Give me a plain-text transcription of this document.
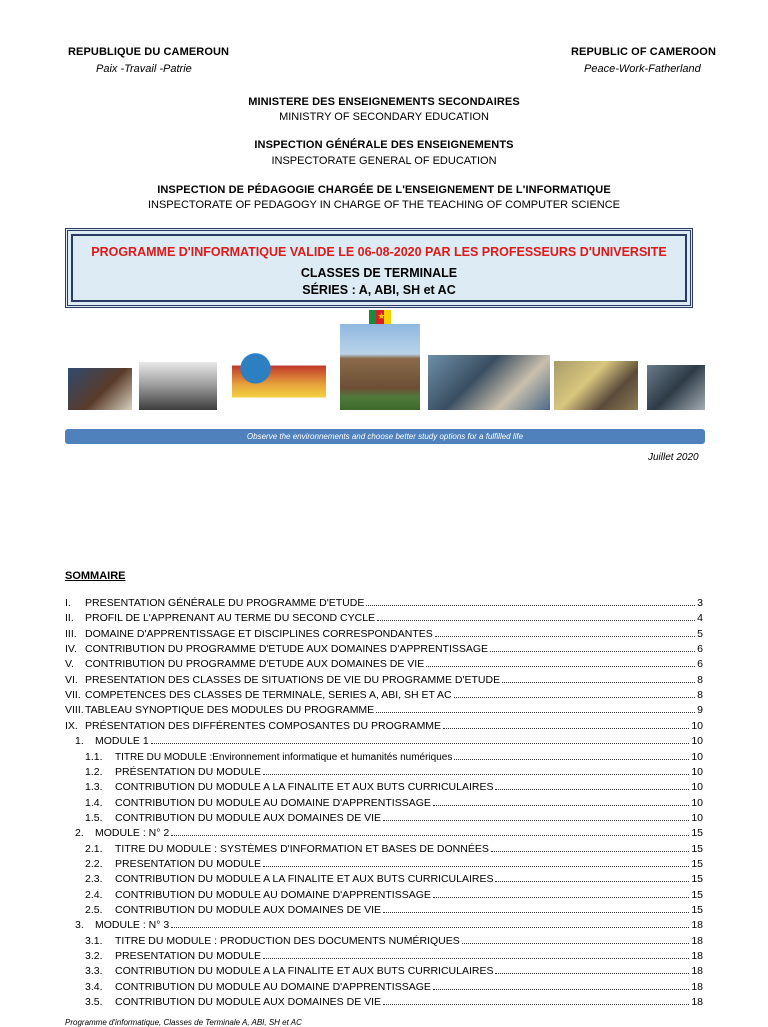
REPUBLIQUE DU CAMEROUN
Paix -Travail -Patrie
REPUBLIC OF CAMEROON
Peace-Work-Fatherland
MINISTERE DES ENSEIGNEMENTS SECONDAIRES
MINISTRY OF SECONDARY EDUCATION
INSPECTION GÉNÉRALE DES ENSEIGNEMENTS
INSPECTORATE GENERAL OF EDUCATION
INSPECTION DE PÉDAGOGIE CHARGÉE DE L'ENSEIGNEMENT DE L'INFORMATIQUE
INSPECTORATE OF PEDAGOGY IN CHARGE OF THE TEACHING OF COMPUTER SCIENCE
PROGRAMME D'INFORMATIQUE VALIDE LE 06-08-2020 PAR LES PROFESSEURS D'UNIVERSITE
CLASSES DE TERMINALE
SÉRIES : A, ABI, SH et AC
★
Observe the environnements and choose better study options for a fulfilled life
Juillet 2020
SOMMAIRE
I.	PRESENTATION GÉNÉRALE DU PROGRAMME D'ETUDE	3
II.	PROFIL DE L'APPRENANT AU TERME DU SECOND CYCLE	4
III. DOMAINE D'APPRENTISSAGE ET DISCIPLINES CORRESPONDANTES	5
IV. CONTRIBUTION DU PROGRAMME D'ETUDE AUX DOMAINES D'APPRENTISSAGE	6
V.	CONTRIBUTION DU PROGRAMME D'ETUDE AUX DOMAINES DE VIE	6
VI. PRESENTATION DES CLASSES DE SITUATIONS DE VIE DU PROGRAMME D'ETUDE	8
VII. COMPETENCES DES CLASSES DE TERMINALE, SERIES A, ABI, SH ET AC	8
VIII. TABLEAU SYNOPTIQUE DES MODULES DU PROGRAMME	9
IX. PRÉSENTATION DES DIFFÉRENTES COMPOSANTES DU PROGRAMME	10
1.	MODULE 1	10
1.1.	TITRE DU MODULE :Environnement informatique et humanités numériques	10
1.2.	PRÉSENTATION DU MODULE	10
1.3.	CONTRIBUTION DU MODULE A LA FINALITE ET AUX BUTS CURRICULAIRES	10
1.4.	CONTRIBUTION DU MODULE AU DOMAINE D'APPRENTISSAGE	10
1.5.	CONTRIBUTION DU MODULE AUX DOMAINES DE VIE	10
2.	MODULE : N° 2	15
2.1.	TITRE DU MODULE : SYSTÈMES D'INFORMATION ET BASES DE DONNÉES	15
2.2.	PRESENTATION DU MODULE	15
2.3.	CONTRIBUTION DU MODULE A LA FINALITE ET AUX BUTS CURRICULAIRES	15
2.4.	CONTRIBUTION DU MODULE AU DOMAINE D'APPRENTISSAGE	15
2.5.	CONTRIBUTION DU MODULE AUX DOMAINES DE VIE	15
3.	MODULE : N° 3	18
3.1.	TITRE DU MODULE : PRODUCTION DES DOCUMENTS NUMÉRIQUES	18
3.2.	PRESENTATION DU MODULE	18
3.3.	CONTRIBUTION DU MODULE A LA FINALITE ET AUX BUTS CURRICULAIRES	18
3.4.	CONTRIBUTION DU MODULE AU DOMAINE D'APPRENTISSAGE	18
3.5.	CONTRIBUTION DU MODULE AUX DOMAINES DE VIE	18
Programme d'informatique, Classes de Terminale A, ABI, SH et AC
